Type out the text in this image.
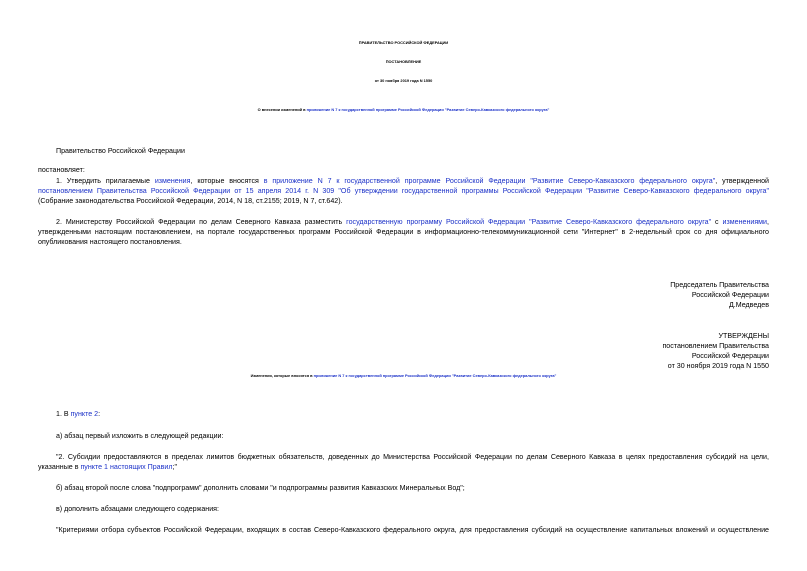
ПРАВИТЕЛЬСТВО РОССИЙСКОЙ ФЕДЕРАЦИИ
ПОСТАНОВЛЕНИЕ
от 30 ноября 2019 года N 1550
О внесении изменений в приложение N 7 к государственной программе Российской Федерации "Развитие Северо-Кавказского федерального округа"
Правительство Российской Федерации
постановляет:
1. Утвердить прилагаемые изменения, которые вносятся в приложение N 7 к государственной программе Российской Федерации "Развитие Северо-Кавказского федерального округа", утвержденной
постановлением Правительства Российской Федерации от 15 апреля 2014 г. N 309 "Об утверждении государственной программы Российской Федерации "Развитие Северо-Кавказского федерального округа"
(Собрание законодательства Российской Федерации, 2014, N 18, ст.2155; 2019, N 7, ст.642).
2. Министерству Российской Федерации по делам Северного Кавказа разместить государственную программу Российской Федерации "Развитие Северо-Кавказского федерального округа" с изменениями,
утвержденными настоящим постановлением, на портале государственных программ Российской Федерации в информационно-телекоммуникационной сети "Интернет" в 2-недельный срок со дня официального
опубликования настоящего постановления.
Председатель Правительства
Российской Федерации
Д.Медведев
УТВЕРЖДЕНЫ
постановлением Правительства
Российской Федерации
от 30 ноября 2019 года N 1550
Изменения, которые вносятся в приложение N 7 к государственной программе Российской Федерации "Развитие Северо-Кавказского федерального округа"
1. В пункте 2:
а) абзац первый изложить в следующей редакции:
"2. Субсидии предоставляются в пределах лимитов бюджетных обязательств, доведенных до Министерства Российской Федерации по делам Северного Кавказа в целях предоставления субсидий на цели,
указанные в пункте 1 настоящих Правил;"
б) абзац второй после слова "подпрограмм" дополнить словами "и подпрограммы развития Кавказских Минеральных Вод";
в) дополнить абзацами следующего содержания:
"Критериями отбора субъектов Российской Федерации, входящих в состав Северо-Кавказского федерального округа, для предоставления субсидий на осуществление капитальных вложений и осуществление
